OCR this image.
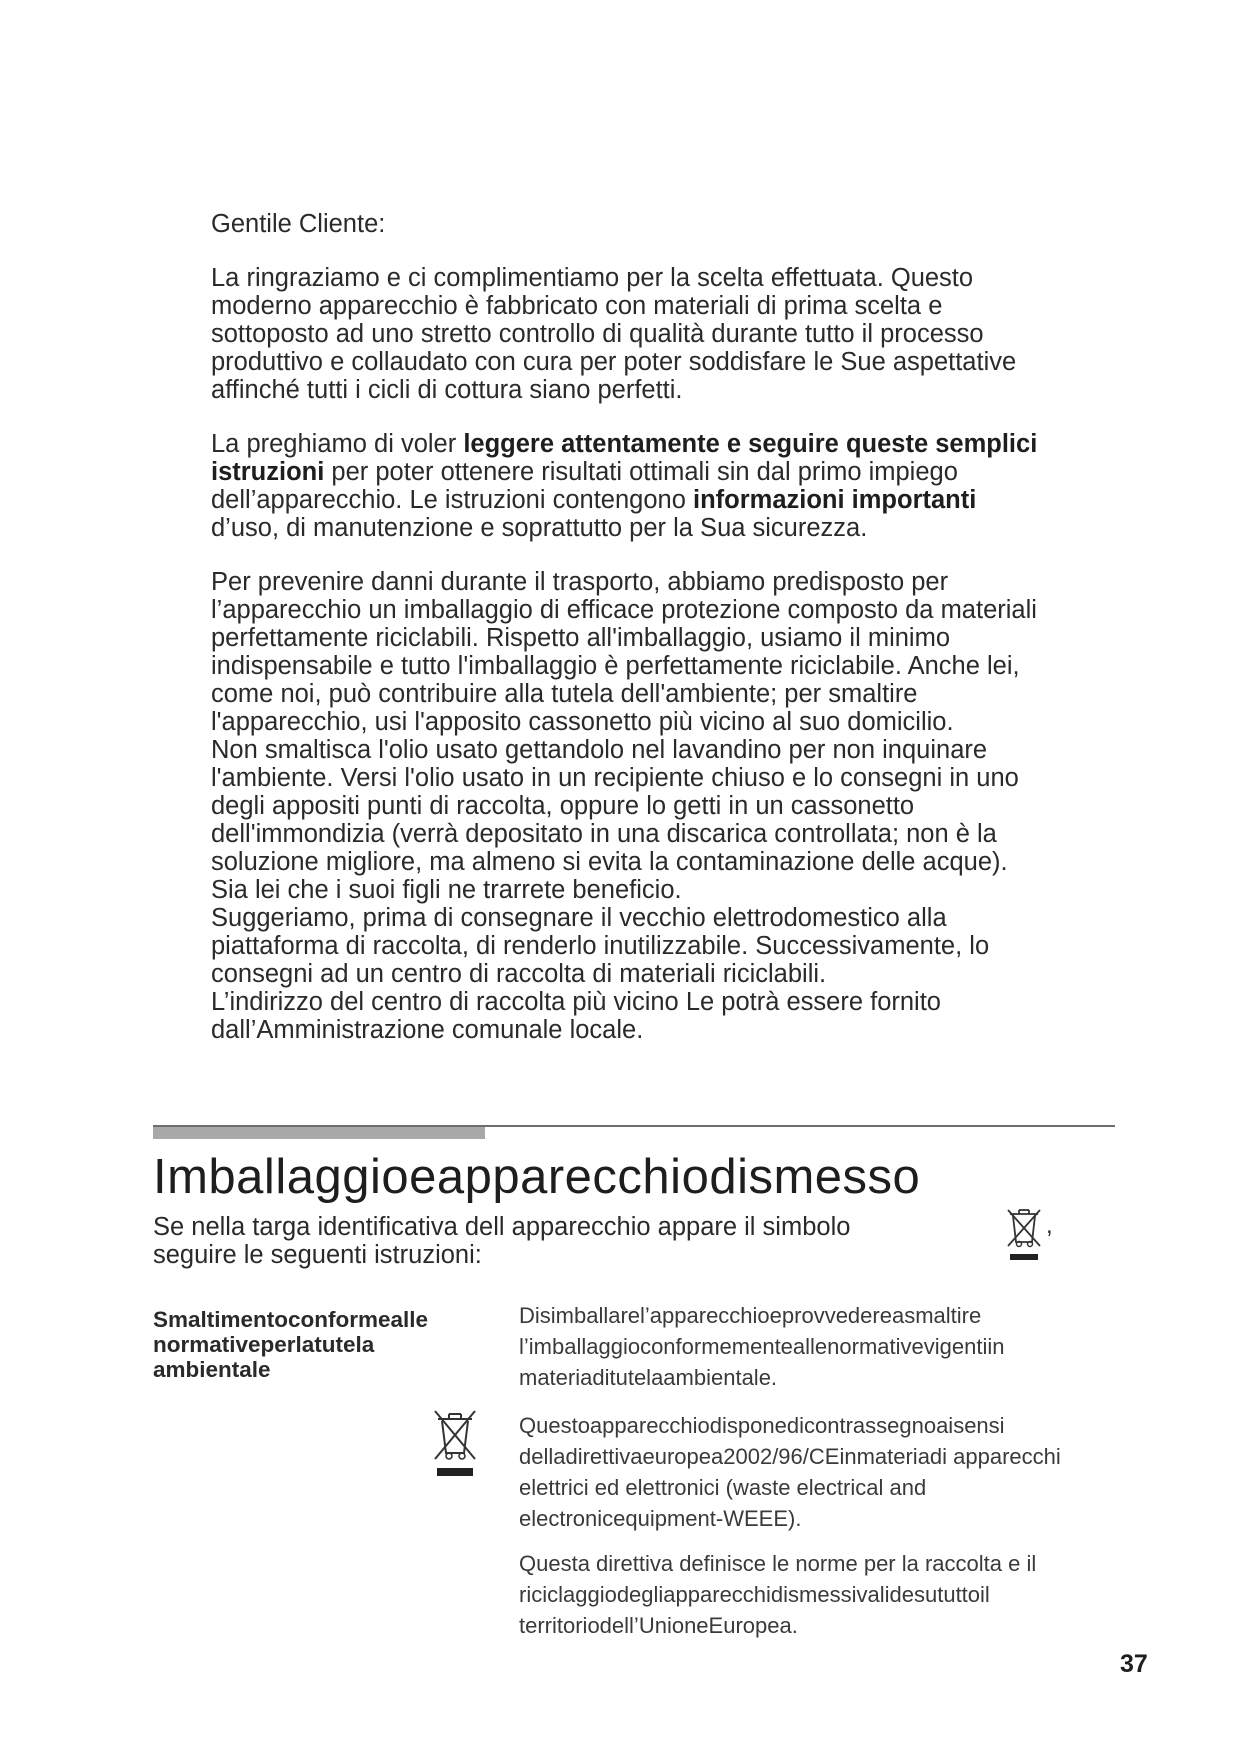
Gentile Cliente:

La ringraziamo e ci complimentiamo per la scelta effettuata. Questo moderno apparecchio è fabbricato con materiali di prima scelta e sottoposto ad uno stretto controllo di qualità durante tutto il processo produttivo e collaudato con cura per poter soddisfare le Sue aspettative affinché tutti i cicli di cottura siano perfetti.

La preghiamo di voler leggere attentamente e seguire queste semplici istruzioni per poter ottenere risultati ottimali sin dal primo impiego dell’apparecchio. Le istruzioni contengono informazioni importanti d’uso, di manutenzione e soprattutto per la Sua sicurezza.

Per prevenire danni durante il trasporto, abbiamo predisposto per l’apparecchio un imballaggio di efficace protezione composto da materiali perfettamente riciclabili. Rispetto all'imballaggio, usiamo il minimo indispensabile e tutto l'imballaggio è perfettamente riciclabile. Anche lei, come noi, può contribuire alla tutela dell'ambiente; per smaltire l'apparecchio, usi l'apposito cassonetto più vicino al suo domicilio.

Non smaltisca l'olio usato gettandolo nel lavandino per non inquinare l'ambiente. Versi l'olio usato in un recipiente chiuso e lo consegni in uno degli appositi punti di raccolta, oppure lo getti in un cassonetto dell'immondizia (verrà depositato in una discarica controllata; non è la soluzione migliore, ma almeno si evita la contaminazione delle acque). Sia lei che i suoi figli ne trarrete beneficio.

Suggeriamo, prima di consegnare il vecchio elettrodomestico alla piattaforma di raccolta, di renderlo inutilizzabile. Successivamente, lo consegni ad un centro di raccolta di materiali riciclabili.

L’indirizzo del centro di raccolta più vicino Le potrà essere fornito dall’Amministrazione comunale locale.

Imballaggioeapparecchiodismesso
Se nella targa identificativa dell apparecchio appare il simbolo
seguire le seguenti istruzioni:
,
Smaltimentoconformealle normativeperlatutela ambientale

Disimballarel’apparecchioeprovvedereasmaltire l’imballaggioconformementeallenormativevigentiin materiaditutelaambientale.

Questoapparecchiodisponedicontrassegnoaisensi delladirettivaeuropea2002/96/CEinmateriadi apparecchi elettrici ed elettronici (waste electrical and electronicequipment-WEEE).

Questa direttiva definisce le norme per la raccolta e il riciclaggiodegliapparecchidismessivalidesututtoil territoriodell’UnioneEuropea.

37
